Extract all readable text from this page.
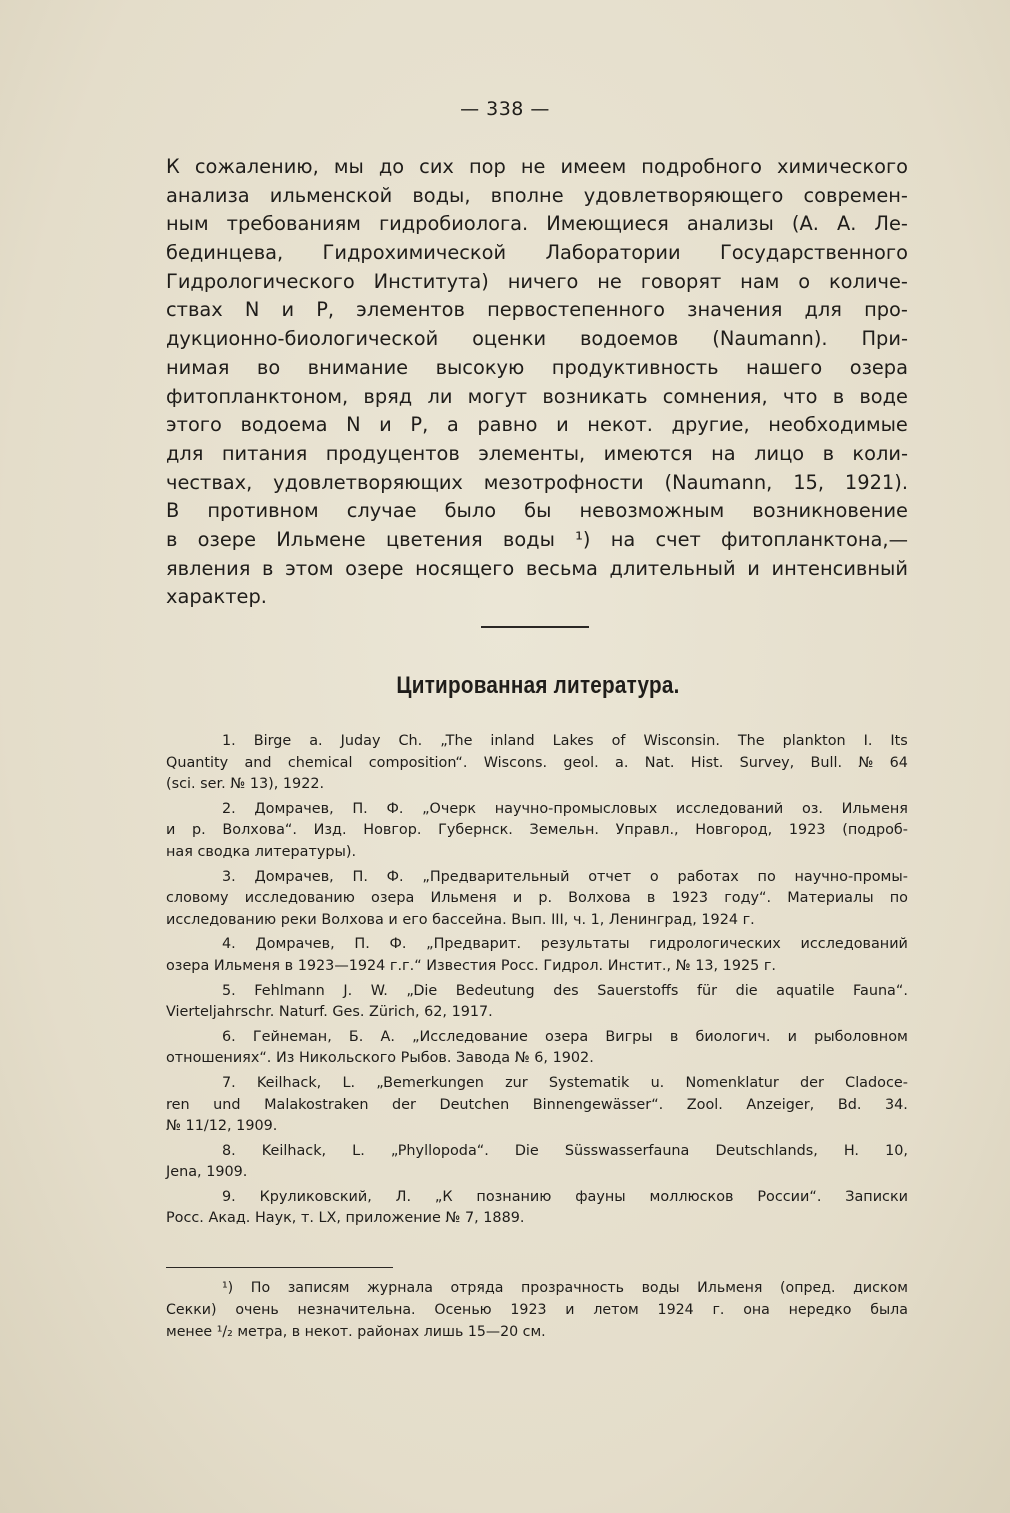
— 338 —
К сожалению, мы до сих пор не имеем подробного химического
анализа ильменской воды, вполне удовлетворяющего современ-
ным требованиям гидробиолога. Имеющиеся анализы (А. А. Ле-
бединцева, Гидрохимической Лаборатории Государственного
Гидрологического Института) ничего не говорят нам о количе-
ствах N и P, элементов первостепенного значения для про-
дукционно-биологической оценки водоемов (Naumann). При-
нимая во внимание высокую продуктивность нашего озера
фитопланктоном, вряд ли могут возникать сомнения, что в воде
этого водоема N и P, а равно и некот. другие, необходимые
для питания продуцентов элементы, имеются на лицо в коли-
чествах, удовлетворяющих мезотрофности (Naumann, 15, 1921).
В противном случае было бы невозможным возникновение
в озере Ильмене цветения воды ¹) на счет фитопланктона,—
явления в этом озере носящего весьма длительный и интенсивный
характер.
Цитированная литература.
1. Birge a. Juday Ch. „The inland Lakes of Wisconsin. The plankton I. Its
Quantity and chemical composition“. Wiscons. geol. a. Nat. Hist. Survey, Bull. № 64
(sci. ser. № 13), 1922.
2. Домрачев, П. Ф. „Очерк научно-промысловых исследований оз. Ильменя
и р. Волхова“. Изд. Новгор. Губернск. Земельн. Управл., Новгород, 1923 (подроб-
ная сводка литературы).
3. Домрачев, П. Ф. „Предварительный отчет о работах по научно-промы-
словому исследованию озера Ильменя и р. Волхова в 1923 году“. Материалы по
исследованию реки Волхова и его бассейна. Вып. III, ч. 1, Ленинград, 1924 г.
4. Домрачев, П. Ф. „Предварит. результаты гидрологических исследований
озера Ильменя в 1923—1924 г.г.“ Известия Росс. Гидрол. Инстит., № 13, 1925 г.
5. Fehlmann J. W. „Die Bedeutung des Sauerstoffs für die aquatile Fauna“.
Vierteljahrschr. Naturf. Ges. Zürich, 62, 1917.
6. Гейнеман, Б. А. „Исследование озера Вигры в биологич. и рыболовном
отношениях“. Из Никольского Рыбов. Завода № 6, 1902.
7. Keilhack, L. „Bemerkungen zur Systematik u. Nomenklatur der Cladoce-
ren und Malakostraken der Deutchen Binnengewässer“. Zool. Anzeiger, Bd. 34.
№ 11/12, 1909.
8. Keilhack, L. „Phyllopoda“. Die Süsswasserfauna Deutschlands, H. 10,
Jena, 1909.
9. Круликовский, Л. „К познанию фауны моллюсков России“. Записки
Росс. Акад. Наук, т. LX, приложение № 7, 1889.
¹) По записям журнала отряда прозрачность воды Ильменя (опред. диском
Секки) очень незначительна. Осенью 1923 и летом 1924 г. она нередко была
менее ¹/₂ метра, в некот. районах лишь 15—20 см.
